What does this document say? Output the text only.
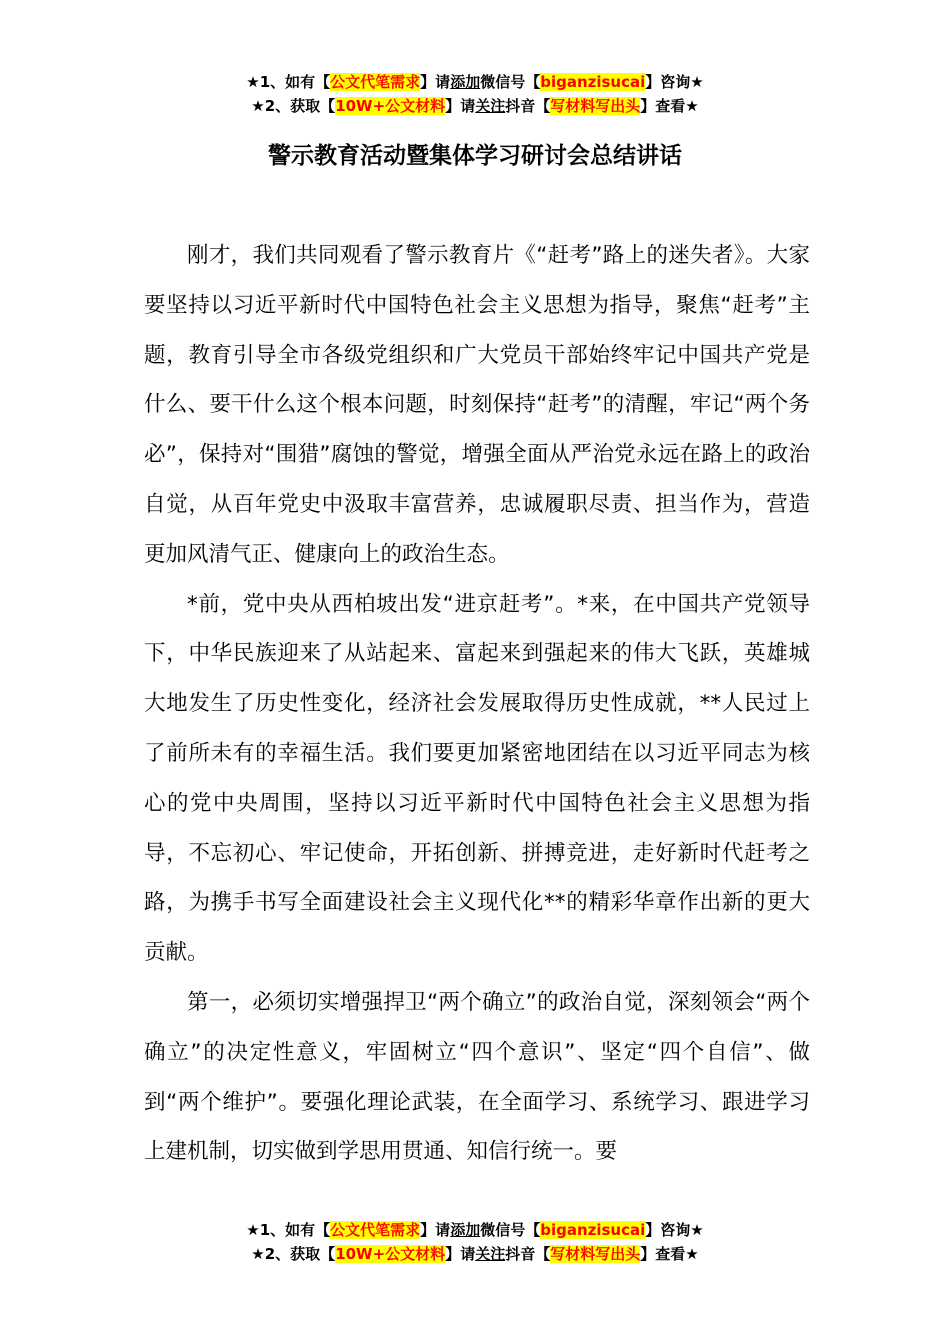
★1、如有【公文代笔需求】请添加微信号【biganzisucai】咨询★
★2、获取【10W+公文材料】请关注抖音【写材料写出头】查看★
警示教育活动暨集体学习研讨会总结讲话

刚才，我们共同观看了警示教育片《“赶考”路上的迷失者》。大家要坚持以习近平新时代中国特色社会主义思想为指导，聚焦“赶考”主题，教育引导全市各级党组织和广大党员干部始终牢记中国共产党是什么、要干什么这个根本问题，时刻保持“赶考”的清醒，牢记“两个务必”，保持对“围猎”腐蚀的警觉，增强全面从严治党永远在路上的政治自觉，从百年党史中汲取丰富营养，忠诚履职尽责、担当作为，营造更加风清气正、健康向上的政治生态。

*前，党中央从西柏坡出发“进京赶考”。*来，在中国共产党领导下，中华民族迎来了从站起来、富起来到强起来的伟大飞跃，英雄城大地发生了历史性变化，经济社会发展取得历史性成就，**人民过上了前所未有的幸福生活。我们要更加紧密地团结在以习近平同志为核心的党中央周围，坚持以习近平新时代中国特色社会主义思想为指导，不忘初心、牢记使命，开拓创新、拼搏竞进，走好新时代赶考之路，为携手书写全面建设社会主义现代化**的精彩华章作出新的更大贡献。

第一，必须切实增强捍卫“两个确立”的政治自觉，深刻领会“两个确立”的决定性意义，牢固树立“四个意识”、坚定“四个自信”、做到“两个维护”。要强化理论武装，在全面学习、系统学习、跟进学习上建机制，切实做到学思用贯通、知信行统一。要

★1、如有【公文代笔需求】请添加微信号【biganzisucai】咨询★
★2、获取【10W+公文材料】请关注抖音【写材料写出头】查看★
